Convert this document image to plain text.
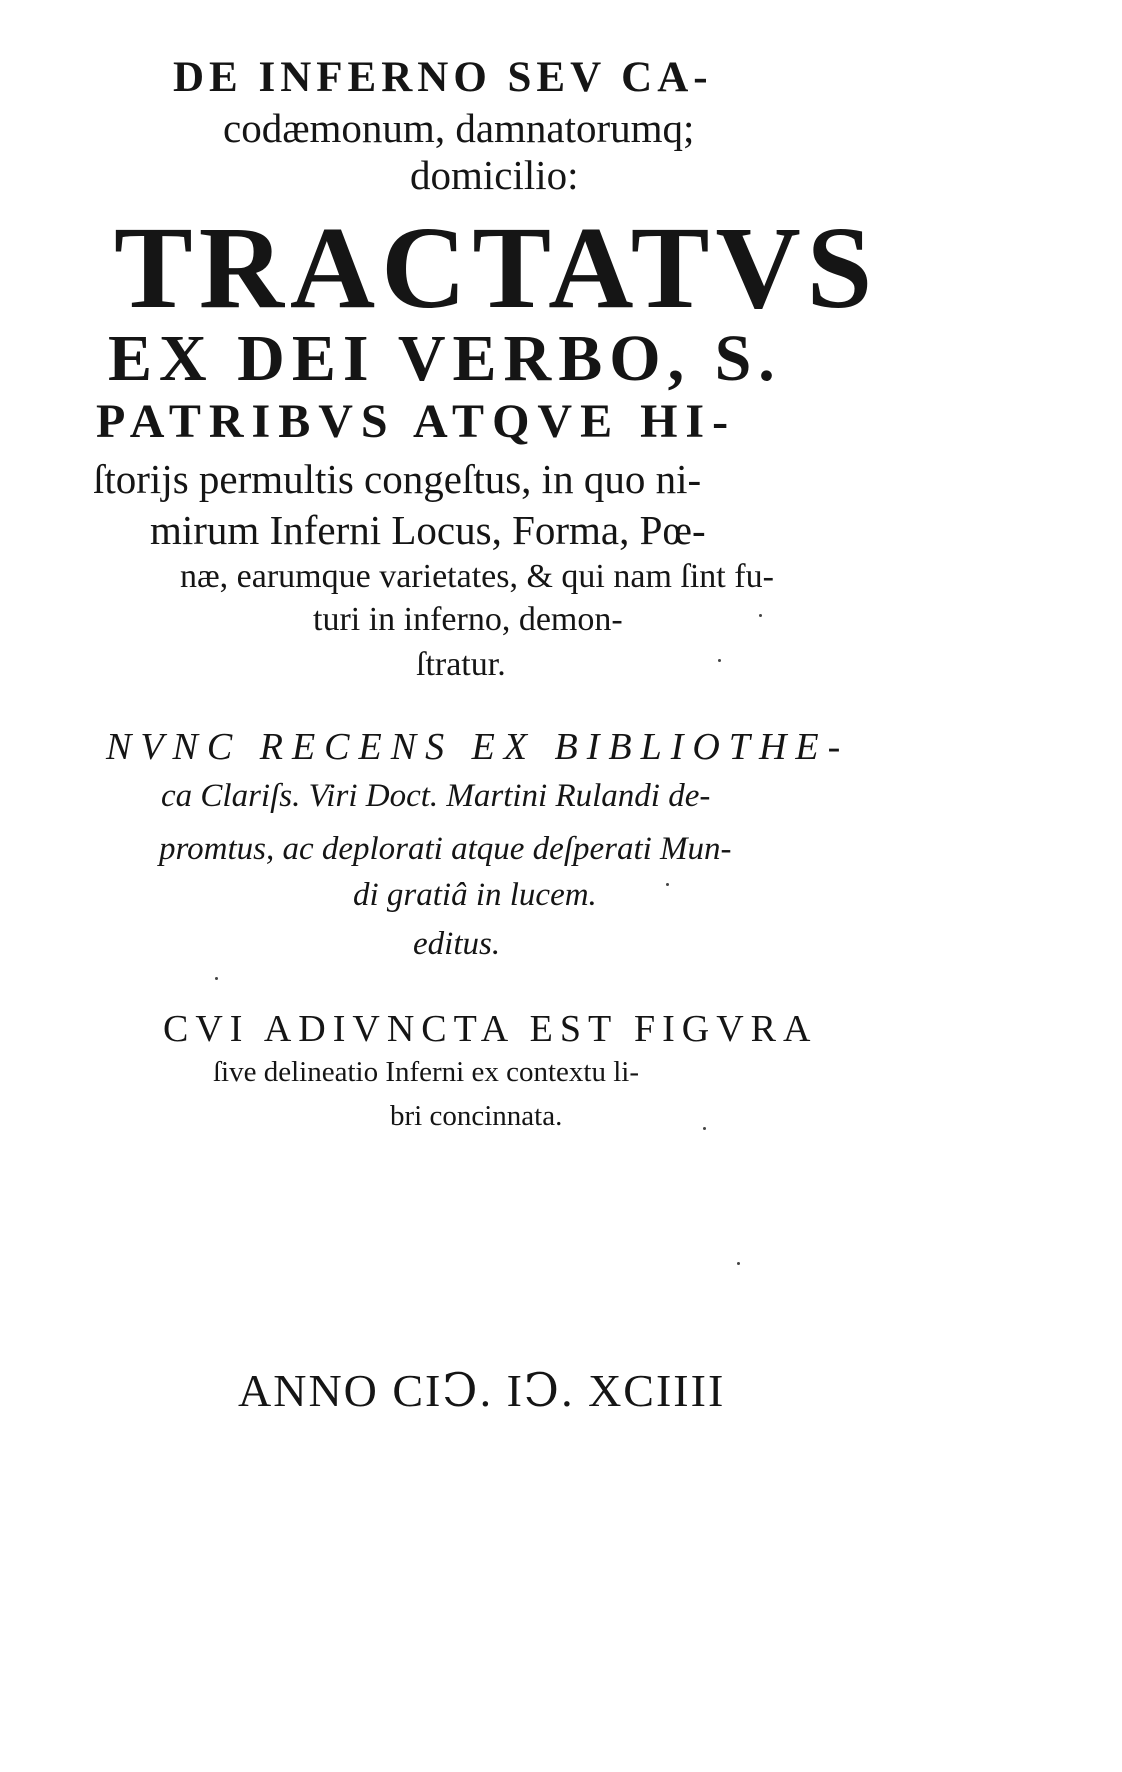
DE INFERNO SEV CA-
codæmonum, damnatorumq;
domicilio:
TRACTATVS
EX DEI VERBO, S.
PATRIBVS ATQVE HI-
ſtorijs permultis congeſtus, in quo ni-
mirum Inferni Locus, Forma, Pœ-
næ, earumque varietates, & qui nam ſint fu-
turi in inferno, demon-
ſtratur.
NVNC RECENS EX BIBLIOTHE-
ca Clariſs. Viri Doct. Martini Rulandi de-
promtus, ac deplorati atque deſperati Mun-
di gratiâ in lucem.
editus.
CVI ADIVNCTA EST FIGVRA
ſive delineatio Inferni ex contextu li-
bri concinnata.
ANNO CIↃ. IↃ. XCIIII
